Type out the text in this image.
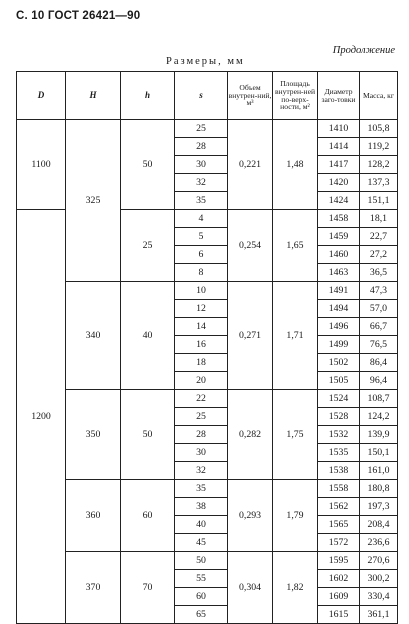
С. 10 ГОСТ 26421—90
Продолжение
Размеры, мм
D	H	h	s	Объем внутрен-ний, м³	Площадь внутрен-ней по-верх-ности, м²	Диаметр заго-товки	Масса, кг
1100	325	50	25	0,221	1,48	1410	105,8
			28			1414	119,2
			30			1417	128,2
			32			1420	137,3
			35			1424	151,1
1200		25	4	0,254	1,65	1458	18,1
			5			1459	22,7
			6			1460	27,2
			8			1463	36,5
	340	40	10	0,271	1,71	1491	47,3
			12			1494	57,0
			14			1496	66,7
			16			1499	76,5
			18			1502	86,4
			20			1505	96,4
	350	50	22	0,282	1,75	1524	108,7
			25			1528	124,2
			28			1532	139,9
			30			1535	150,1
			32			1538	161,0
	360	60	35	0,293	1,79	1558	180,8
			38			1562	197,3
			40			1565	208,4
			45			1572	236,6
	370	70	50	0,304	1,82	1595	270,6
			55			1602	300,2
			60			1609	330,4
			65			1615	361,1
